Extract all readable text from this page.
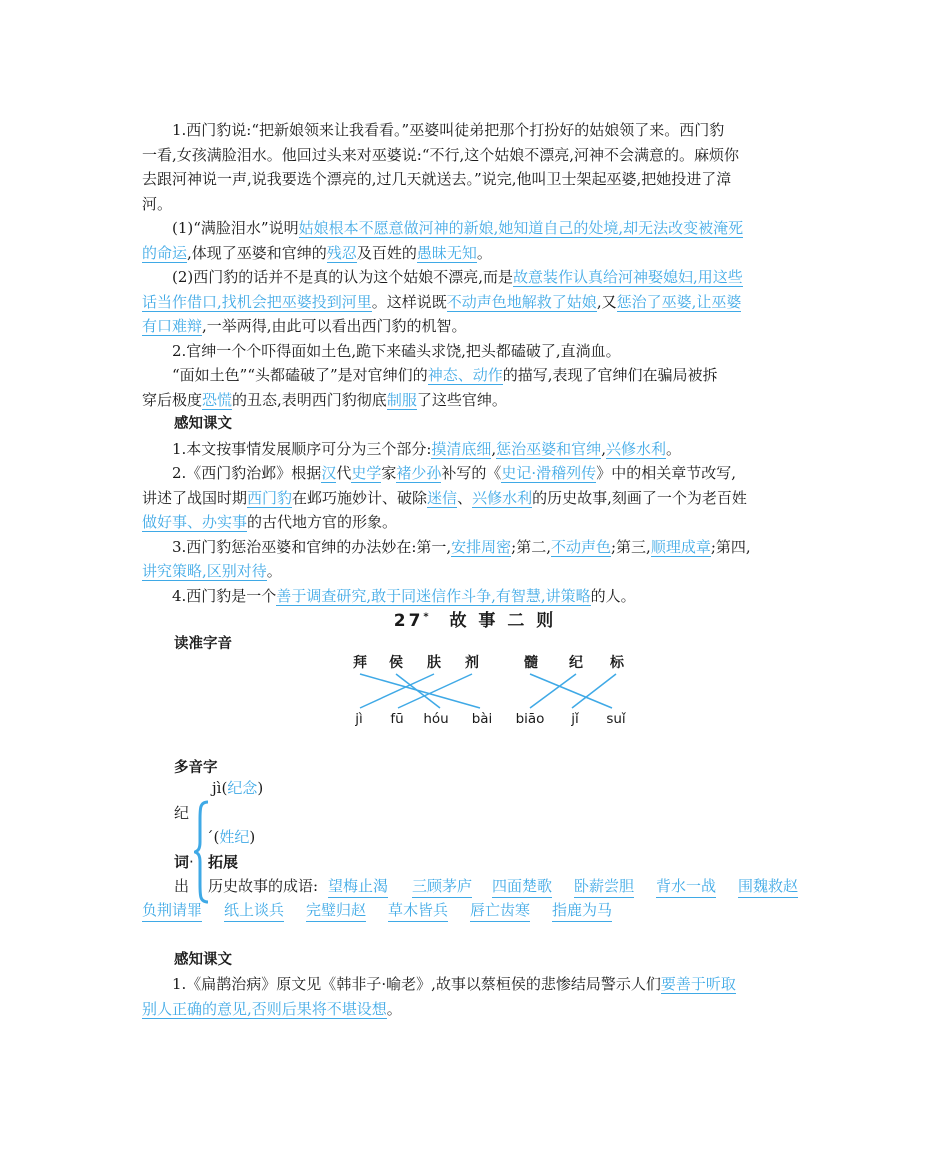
1.西门豹说:“把新娘领来让我看看。”巫婆叫徒弟把那个打扮好的姑娘领了来。西门豹
一看,女孩满脸泪水。他回过头来对巫婆说:“不行,这个姑娘不漂亮,河神不会满意的。麻烦你
去跟河神说一声,说我要选个漂亮的,过几天就送去。”说完,他叫卫士架起巫婆,把她投进了漳
河。
(1)“满脸泪水”说明姑娘根本不愿意做河神的新娘,她知道自己的处境,却无法改变被淹死
的命运,体现了巫婆和官绅的残忍及百姓的愚昧无知。
(2)西门豹的话并不是真的认为这个姑娘不漂亮,而是故意装作认真给河神娶媳妇,用这些
话当作借口,找机会把巫婆投到河里。这样说既不动声色地解救了姑娘,又惩治了巫婆,让巫婆
有口难辩,一举两得,由此可以看出西门豹的机智。
2.官绅一个个吓得面如土色,跪下来磕头求饶,把头都磕破了,直淌血。
“面如土色”“头都磕破了”是对官绅们的神态、动作的描写,表现了官绅们在骗局被拆
穿后极度恐慌的丑态,表明西门豹彻底制服了这些官绅。
感知课文
1.本文按事情发展顺序可分为三个部分:摸清底细,惩治巫婆和官绅,兴修水利。
2.《西门豹治邺》根据汉代史学家褚少孙补写的《史记·滑稽列传》中的相关章节改写,
讲述了战国时期西门豹在邺巧施妙计、破除迷信、兴修水利的历史故事,刻画了一个为老百姓
做好事、办实事的古代地方官的形象。
3.西门豹惩治巫婆和官绅的办法妙在:第一,安排周密;第二,不动声色;第三,顺理成章;第四,
讲究策略,区别对待。
4.西门豹是一个善于调查研究,敢于同迷信作斗争,有智慧,讲策略的人。
27* 故 事 二 则
读准字音
拜	侯	肤	剂	髓	纪	标
jì	fū	hóu	bài	biāo	jǐ	suǐ
多音字
jì(纪念)
纪
ˊ(姓纪)
词· 拓展
出 历史故事的成语: 望梅止渴 三顾茅庐 四面楚歌 卧薪尝胆 背水一战 围魏救赵
负荆请罪 纸上谈兵 完璧归赵 草木皆兵 唇亡齿寒 指鹿为马
感知课文
1.《扁鹊治病》原文见《韩非子·喻老》,故事以蔡桓侯的悲惨结局警示人们要善于听取
别人正确的意见,否则后果将不堪设想。
